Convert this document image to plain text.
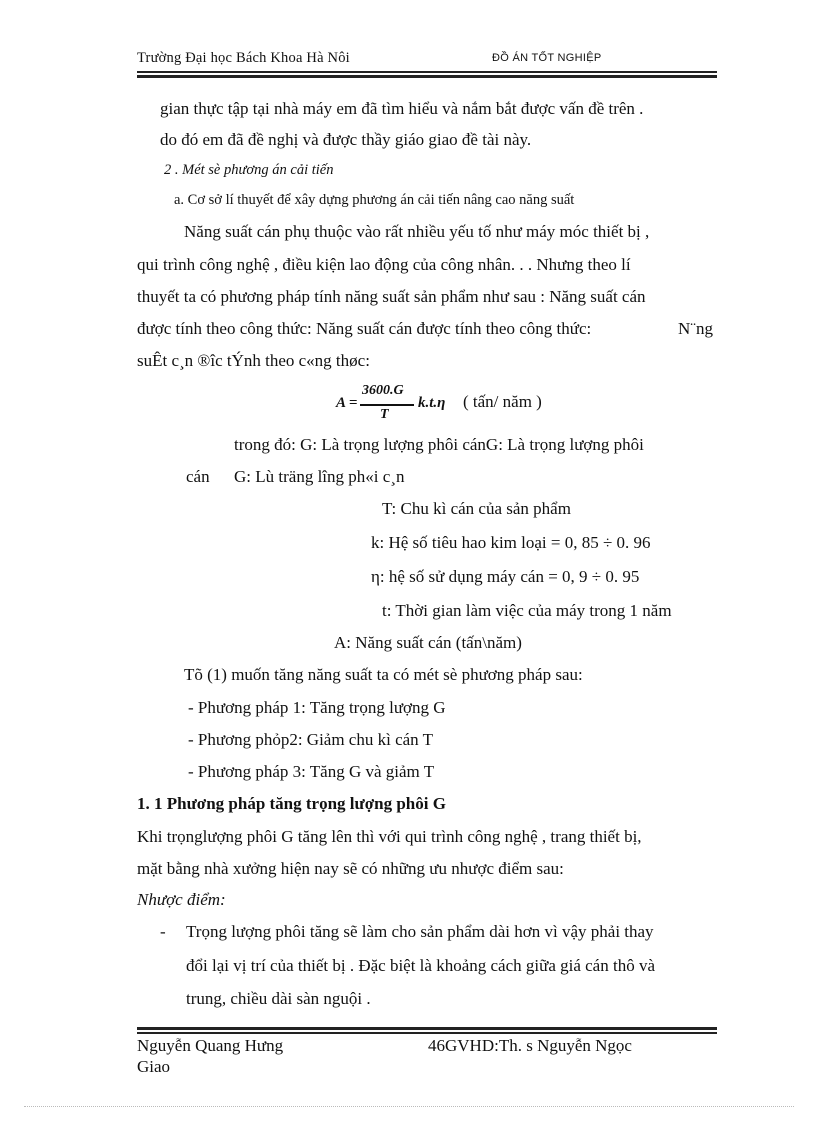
Trường Đại học Bách Khoa Hà Nôi	ĐỒ ÁN TỐT NGHIỆP
gian thực tập tại nhà máy em đã tìm hiểu và nắm bắt được vấn đề trên .
do đó em đã đề nghị và được thầy giáo giao đề tài này.
2 . Mét sè phương án cải tiến
a. Cơ sở lí thuyết để xây dựng phương án cải tiến nâng cao năng suất
Năng suất cán phụ thuộc vào rất nhiều yếu tố như máy móc thiết bị ,
qui trình công nghệ , điều kiện lao động của công nhân. . . Nhưng theo lí
thuyết ta có phương pháp tính năng suất sản phẩm như sau : Năng suất cán
được tính theo công thức: Năng suất cán được tính theo công thức:	N¨ng
suÊt c¸n ®îc tÝnh theo c«ng thøc:
A =
3600.G
T
k.t.η ( tấn/ năm )
trong đó: G: Là trọng lượng phôi cánG: Là trọng lượng phôi
cán G: Lù träng lîng ph«i c¸n
T: Chu kì cán của sản phẩm
k: Hệ số tiêu hao kim loại = 0, 85 ÷ 0. 96
η: hệ số sử dụng máy cán = 0, 9 ÷ 0. 95
t: Thời gian làm việc của máy trong 1 năm
A: Năng suất cán (tấn\năm)
Tõ (1) muốn tăng năng suất ta có mét sè phương pháp sau:
- Phương pháp 1: Tăng trọng lượng G
- Phương phỏp2: Giảm chu kì cán T
- Phương pháp 3: Tăng G và giảm T
1. 1 Phương pháp tăng trọng lượng phôi G
Khi trọnglượng phôi G tăng lên thì với qui trình công nghệ , trang thiết bị,
mặt bằng nhà xưởng hiện nay sẽ có những ưu nhược điểm sau:
Nhược điểm:
- Trọng lượng phôi tăng sẽ làm cho sản phẩm dài hơn vì vậy phải thay
đổi lại vị trí của thiết bị . Đặc biệt là khoảng cách giữa giá cán thô và
trung, chiều dài sàn nguội .
Nguyễn Quang Hưng	46GVHD:Th. s Nguyễn Ngọc
Giao
